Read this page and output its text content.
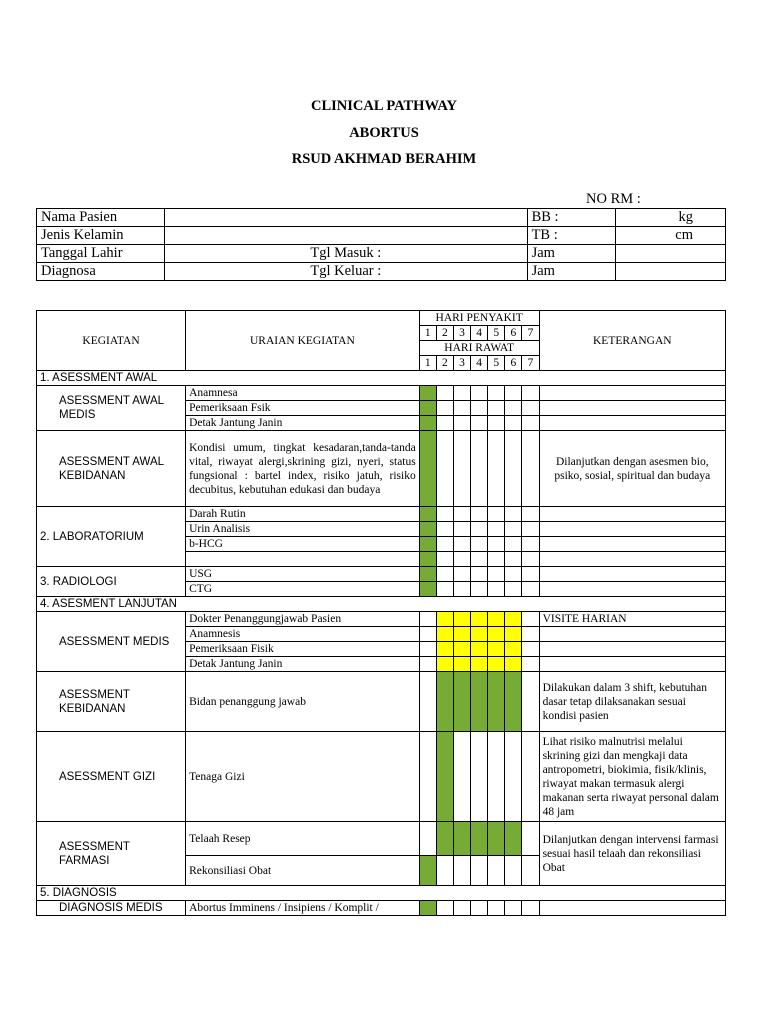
CLINICAL PATHWAY
ABORTUS
RSUD AKHMAD BERAHIM
NO RM :
Nama Pasien		BB :	kg
Jenis Kelamin		TB :	cm
Tanggal Lahir	Tgl Masuk :	Jam	
Diagnosa	Tgl Keluar :	Jam	
KEGIATAN	URAIAN KEGIATAN	HARI PENYAKIT							KETERANGAN
		1	2	3	4	5	6	7	
		HARI RAWAT							
		1	2	3	4	5	6	7	
1. ASESSMENT AWAL									
ASESSMENT AWAL MEDIS	Anamnesa								
	Pemeriksaan Fsik								
	Detak Jantung Janin								
ASESSMENT AWAL KEBIDANAN	Kondisi umum, tingkat kesadaran,tanda-tanda vital, riwayat alergi,skrining gizi, nyeri, status fungsional : bartel index, risiko jatuh, risiko decubitus, kebutuhan edukasi dan budaya								Dilanjutkan dengan asesmen bio, psiko, sosial, spiritual dan budaya
2. LABORATORIUM	Darah Rutin								
	Urin Analisis								
	b-HCG								

3. RADIOLOGI	USG								
	CTG								
4. ASESMENT LANJUTAN									
ASESSMENT MEDIS	Dokter Penanggungjawab Pasien								VISITE HARIAN
	Anamnesis								
	Pemeriksaan Fisik								
	Detak Jantung Janin								
ASESSMENT KEBIDANAN	Bidan penanggung jawab								Dilakukan dalam 3 shift, kebutuhan dasar tetap dilaksanakan sesuai kondisi pasien
ASESSMENT GIZI	Tenaga Gizi								Lihat risiko malnutrisi melalui skrining gizi dan mengkaji data antropometri, biokimia, fisik/klinis, riwayat makan termasuk alergi makanan serta riwayat personal dalam 48 jam
ASESSMENT FARMASI	Telaah Resep								Dilanjutkan dengan intervensi farmasi sesuai hasil telaah dan rekonsiliasi Obat
	Rekonsiliasi Obat								
5. DIAGNOSIS									
DIAGNOSIS MEDIS	Abortus Imminens / Insipiens / Komplit /								
